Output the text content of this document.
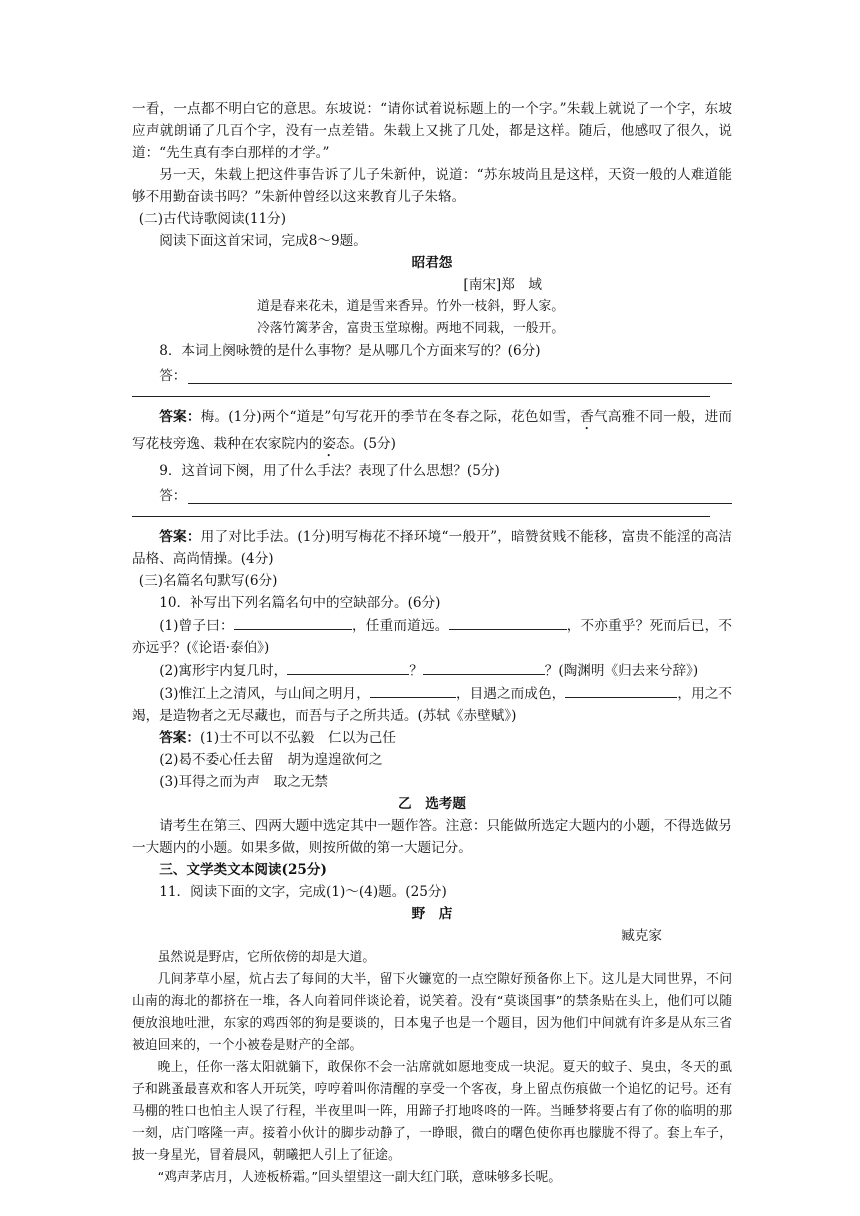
一看，一点都不明白它的意思。东坡说：“请你试着说标题上的一个字。”朱载上就说了一个字，东坡应声就朗诵了几百个字，没有一点差错。朱载上又挑了几处，都是这样。随后，他感叹了很久，说道：“先生真有李白那样的才学。”

另一天，朱载上把这件事告诉了儿子朱新仲，说道：“苏东坡尚且是这样，天资一般的人难道能够不用勤奋读书吗？”朱新仲曾经以这来教育儿子朱辂。

(二)古代诗歌阅读(11分)

阅读下面这首宋词，完成8～9题。

昭君怨

[南宋]郑　域

道是春来花未，道是雪来香异。竹外一枝斜，野人家。

冷落竹篱茅舍，富贵玉堂琼榭。两地不同栽，一般开。

8．本词上阕咏赞的是什么事物？是从哪几个方面来写的？(6分)

答：

答案：梅。(1分)两个“道是”句写花开的季节在冬春之际，花色如雪，香气高雅不同一般，进而写花枝旁逸、栽种在农家院内的姿态。(5分)

9．这首词下阕，用了什么手法？表现了什么思想？(5分)

答：

答案：用了对比手法。(1分)明写梅花不择环境“一般开”，暗赞贫贱不能移，富贵不能淫的高洁品格、高尚情操。(4分)

(三)名篇名句默写(6分)

10．补写出下列名篇名句中的空缺部分。(6分)

(1)曾子曰：	，任重而道远。	，不亦重乎？死而后已，不亦远乎？(《论语·泰伯》)

(2)寓形宇内复几时，	？	？(陶渊明《归去来兮辞》)

(3)惟江上之清风，与山间之明月，	，目遇之而成色，	，用之不竭，是造物者之无尽藏也，而吾与子之所共适。(苏轼《赤壁赋》)

答案：(1)士不可以不弘毅　仁以为己任

(2)曷不委心任去留　胡为遑遑欲何之

(3)耳得之而为声　取之无禁

乙　选考题

请考生在第三、四两大题中选定其中一题作答。注意：只能做所选定大题内的小题，不得选做另一大题内的小题。如果多做，则按所做的第一大题记分。

三、文学类文本阅读(25分)

11．阅读下面的文字，完成(1)～(4)题。(25分)

野　店

臧克家

虽然说是野店，它所依傍的却是大道。

几间茅草小屋，炕占去了每间的大半，留下火镰宽的一点空隙好预备你上下。这儿是大同世界，不问山南的海北的都挤在一堆，各人向着同伴谈论着，说笑着。没有“莫谈国事”的禁条贴在头上，他们可以随便放浪地吐泄，东家的鸡西邻的狗是要谈的，日本鬼子也是一个题目，因为他们中间就有许多是从东三省被迫回来的，一个小被卷是财产的全部。

晚上，任你一落太阳就躺下，敢保你不会一沾席就如愿地变成一块泥。夏天的蚊子、臭虫，冬天的虱子和跳蚤最喜欢和客人开玩笑，哼哼着叫你清醒的享受一个客夜，身上留点伤痕做一个追忆的记号。还有马棚的牲口也怕主人误了行程，半夜里叫一阵，用蹄子打地咚咚的一阵。当睡梦将要占有了你的临明的那一刻，店门喀隆一声。接着小伙计的脚步动静了，一睁眼，微白的曙色使你再也朦胧不得了。套上车子，披一身星光，冒着晨风，朝曦把人引上了征途。

“鸡声茅店月，人迹板桥霜。”回头望望这一副大红门联，意味够多长呢。
